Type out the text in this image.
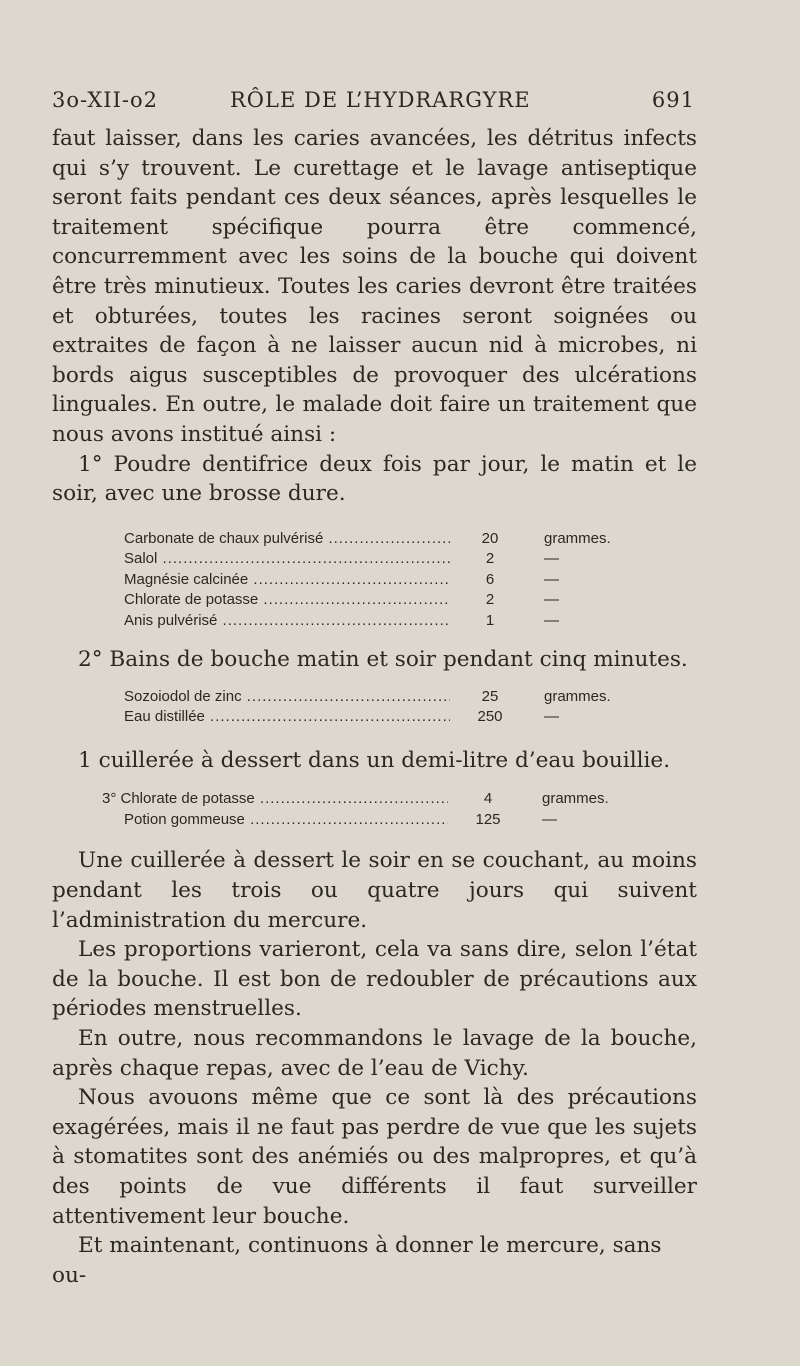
3o-XII-o2	RÔLE DE L’HYDRARGYRE	691

faut laisser, dans les caries avancées, les détritus infects qui s’y trouvent. Le curettage et le lavage antiseptique seront faits pendant ces deux séances, après lesquelles le traitement spécifique pourra être commencé, concurremment avec les soins de la bouche qui doivent être très minutieux. Toutes les caries devront être traitées et obturées, toutes les racines seront soignées ou extraites de façon à ne laisser aucun nid à microbes, ni bords aigus susceptibles de provoquer des ulcérations linguales. En outre, le malade doit faire un traitement que nous avons institué ainsi :

1° Poudre dentifrice deux fois par jour, le matin et le soir, avec une brosse dure.

Carbonate de chaux pulvérisé .....	20	grammes.
Salol .....	2	—
Magnésie calcinée .....	6	—
Chlorate de potasse .....	2	—
Anis pulvérisé .....	1	—

2° Bains de bouche matin et soir pendant cinq minutes.

Sozoiodol de zinc .....	25	grammes.
Eau distillée .....	250	—

1 cuillerée à dessert dans un demi-litre d’eau bouillie.

3° Chlorate de potasse .....	4	grammes.
Potion gommeuse .....	125	—

Une cuillerée à dessert le soir en se couchant, au moins pendant les trois ou quatre jours qui suivent l’administration du mercure.

Les proportions varieront, cela va sans dire, selon l’état de la bouche. Il est bon de redoubler de précautions aux périodes menstruelles.

En outre, nous recommandons le lavage de la bouche, après chaque repas, avec de l’eau de Vichy.

Nous avouons même que ce sont là des précautions exagérées, mais il ne faut pas perdre de vue que les sujets à stomatites sont des anémiés ou des malpropres, et qu’à des points de vue différents il faut surveiller attentivement leur bouche.

Et maintenant, continuons à donner le mercure, sans ou-
